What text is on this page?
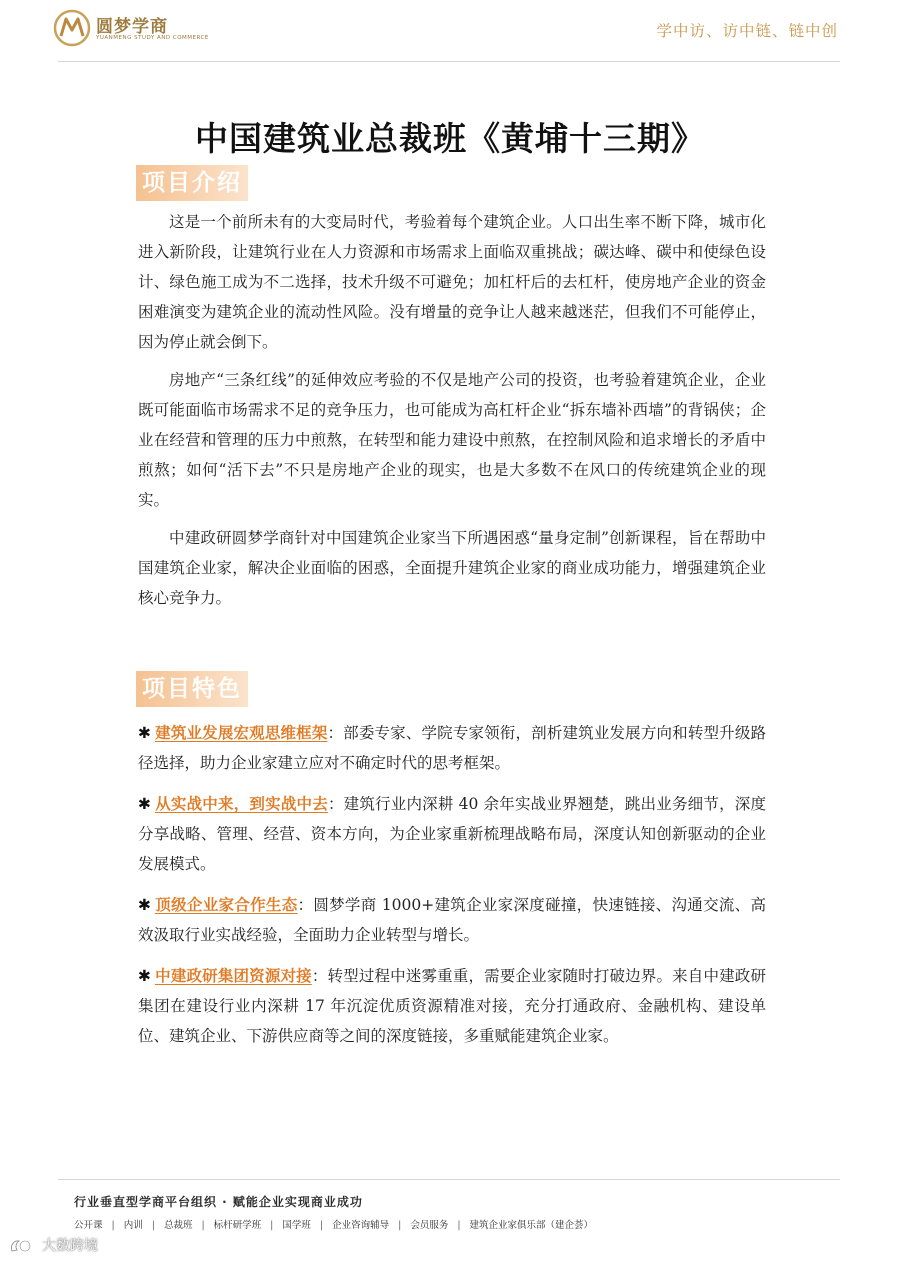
圆梦学商
YUANMENG STUDY AND COMMERCE	学中访、访中链、链中创
中国建筑业总裁班《黄埔十三期》
项目介绍

这是一个前所未有的大变局时代，考验着每个建筑企业。人口出生率不断下降，城市化进入新阶段，让建筑行业在人力资源和市场需求上面临双重挑战；碳达峰、碳中和使绿色设计、绿色施工成为不二选择，技术升级不可避免；加杠杆后的去杠杆，使房地产企业的资金困难演变为建筑企业的流动性风险。没有增量的竞争让人越来越迷茫，但我们不可能停止，因为停止就会倒下。

房地产“三条红线”的延伸效应考验的不仅是地产公司的投资，也考验着建筑企业，企业既可能面临市场需求不足的竞争压力，也可能成为高杠杆企业“拆东墙补西墙”的背锅侠；企业在经营和管理的压力中煎熬，在转型和能力建设中煎熬，在控制风险和追求增长的矛盾中煎熬；如何“活下去”不只是房地产企业的现实，也是大多数不在风口的传统建筑企业的现实。

中建政研圆梦学商针对中国建筑企业家当下所遇困惑“量身定制”创新课程，旨在帮助中国建筑企业家，解决企业面临的困惑，全面提升建筑企业家的商业成功能力，增强建筑企业核心竞争力。

项目特色

✱ 建筑业发展宏观思维框架：部委专家、学院专家领衔，剖析建筑业发展方向和转型升级路径选择，助力企业家建立应对不确定时代的思考框架。

✱ 从实战中来，到实战中去：建筑行业内深耕 40 余年实战业界翘楚，跳出业务细节，深度分享战略、管理、经营、资本方向，为企业家重新梳理战略布局，深度认知创新驱动的企业发展模式。

✱ 顶级企业家合作生态：圆梦学商 1000+建筑企业家深度碰撞，快速链接、沟通交流、高效汲取行业实战经验，全面助力企业转型与增长。

✱ 中建政研集团资源对接：转型过程中迷雾重重，需要企业家随时打破边界。来自中建政研集团在建设行业内深耕 17 年沉淀优质资源精准对接，充分打通政府、金融机构、建设单位、建筑企业、下游供应商等之间的深度链接，多重赋能建筑企业家。

行业垂直型学商平台组织 · 赋能企业实现商业成功
公开课 | 内训 | 总裁班 | 标杆研学班 | 国学班 | 企业咨询辅导 | 会员服务 | 建筑企业家俱乐部（建企荟）
大数跨境
